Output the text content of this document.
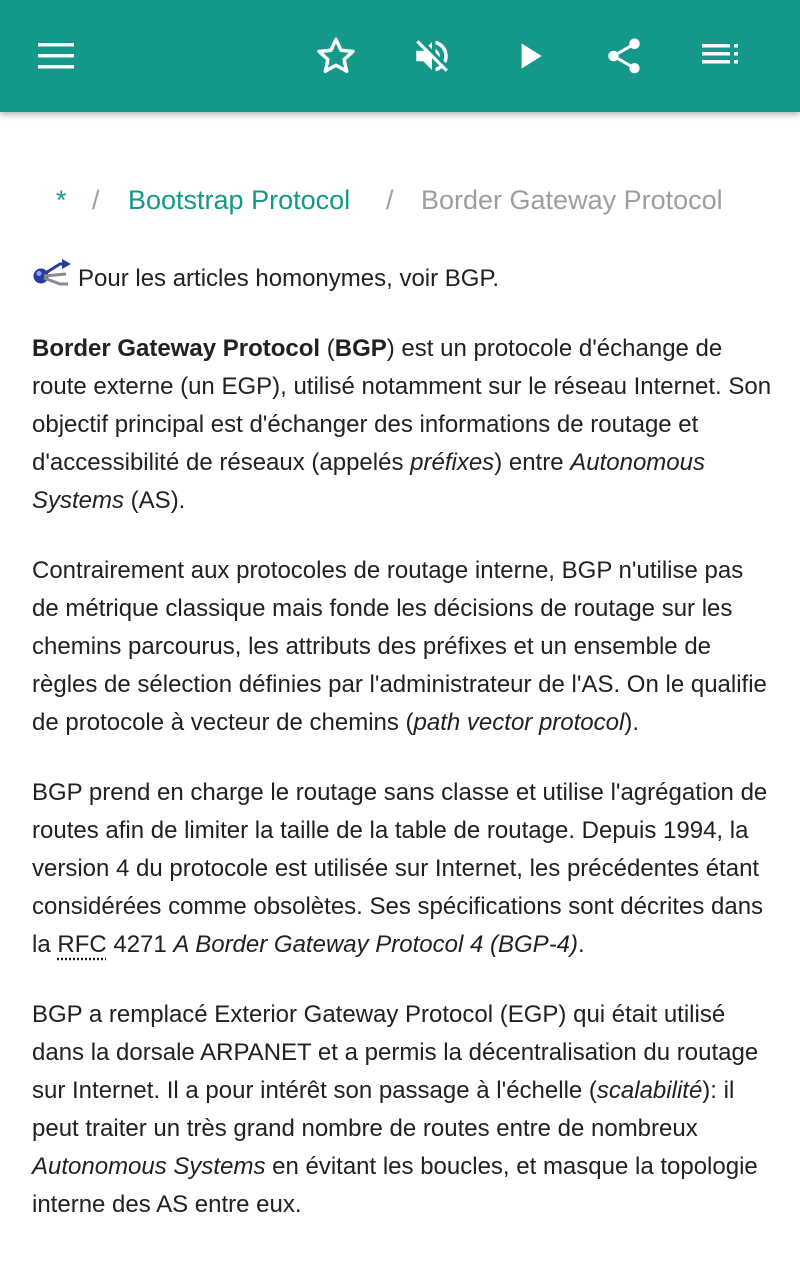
* / Bootstrap Protocol / Border Gateway Protocol

Pour les articles homonymes, voir BGP.

Border Gateway Protocol (BGP) est un protocole d'échange de route externe (un EGP), utilisé notamment sur le réseau Internet. Son objectif principal est d'échanger des informations de routage et d'accessibilité de réseaux (appelés préfixes) entre Autonomous Systems (AS).

Contrairement aux protocoles de routage interne, BGP n'utilise pas de métrique classique mais fonde les décisions de routage sur les chemins parcourus, les attributs des préfixes et un ensemble de règles de sélection définies par l'administrateur de l'AS. On le qualifie de protocole à vecteur de chemins (path vector protocol).

BGP prend en charge le routage sans classe et utilise l'agrégation de routes afin de limiter la taille de la table de routage. Depuis 1994, la version 4 du protocole est utilisée sur Internet, les précédentes étant considérées comme obsolètes. Ses spécifications sont décrites dans la RFC 4271 A Border Gateway Protocol 4 (BGP-4).

BGP a remplacé Exterior Gateway Protocol (EGP) qui était utilisé dans la dorsale ARPANET et a permis la décentralisation du routage sur Internet. Il a pour intérêt son passage à l'échelle (scalabilité): il peut traiter un très grand nombre de routes entre de nombreux Autonomous Systems en évitant les boucles, et masque la topologie interne des AS entre eux.
